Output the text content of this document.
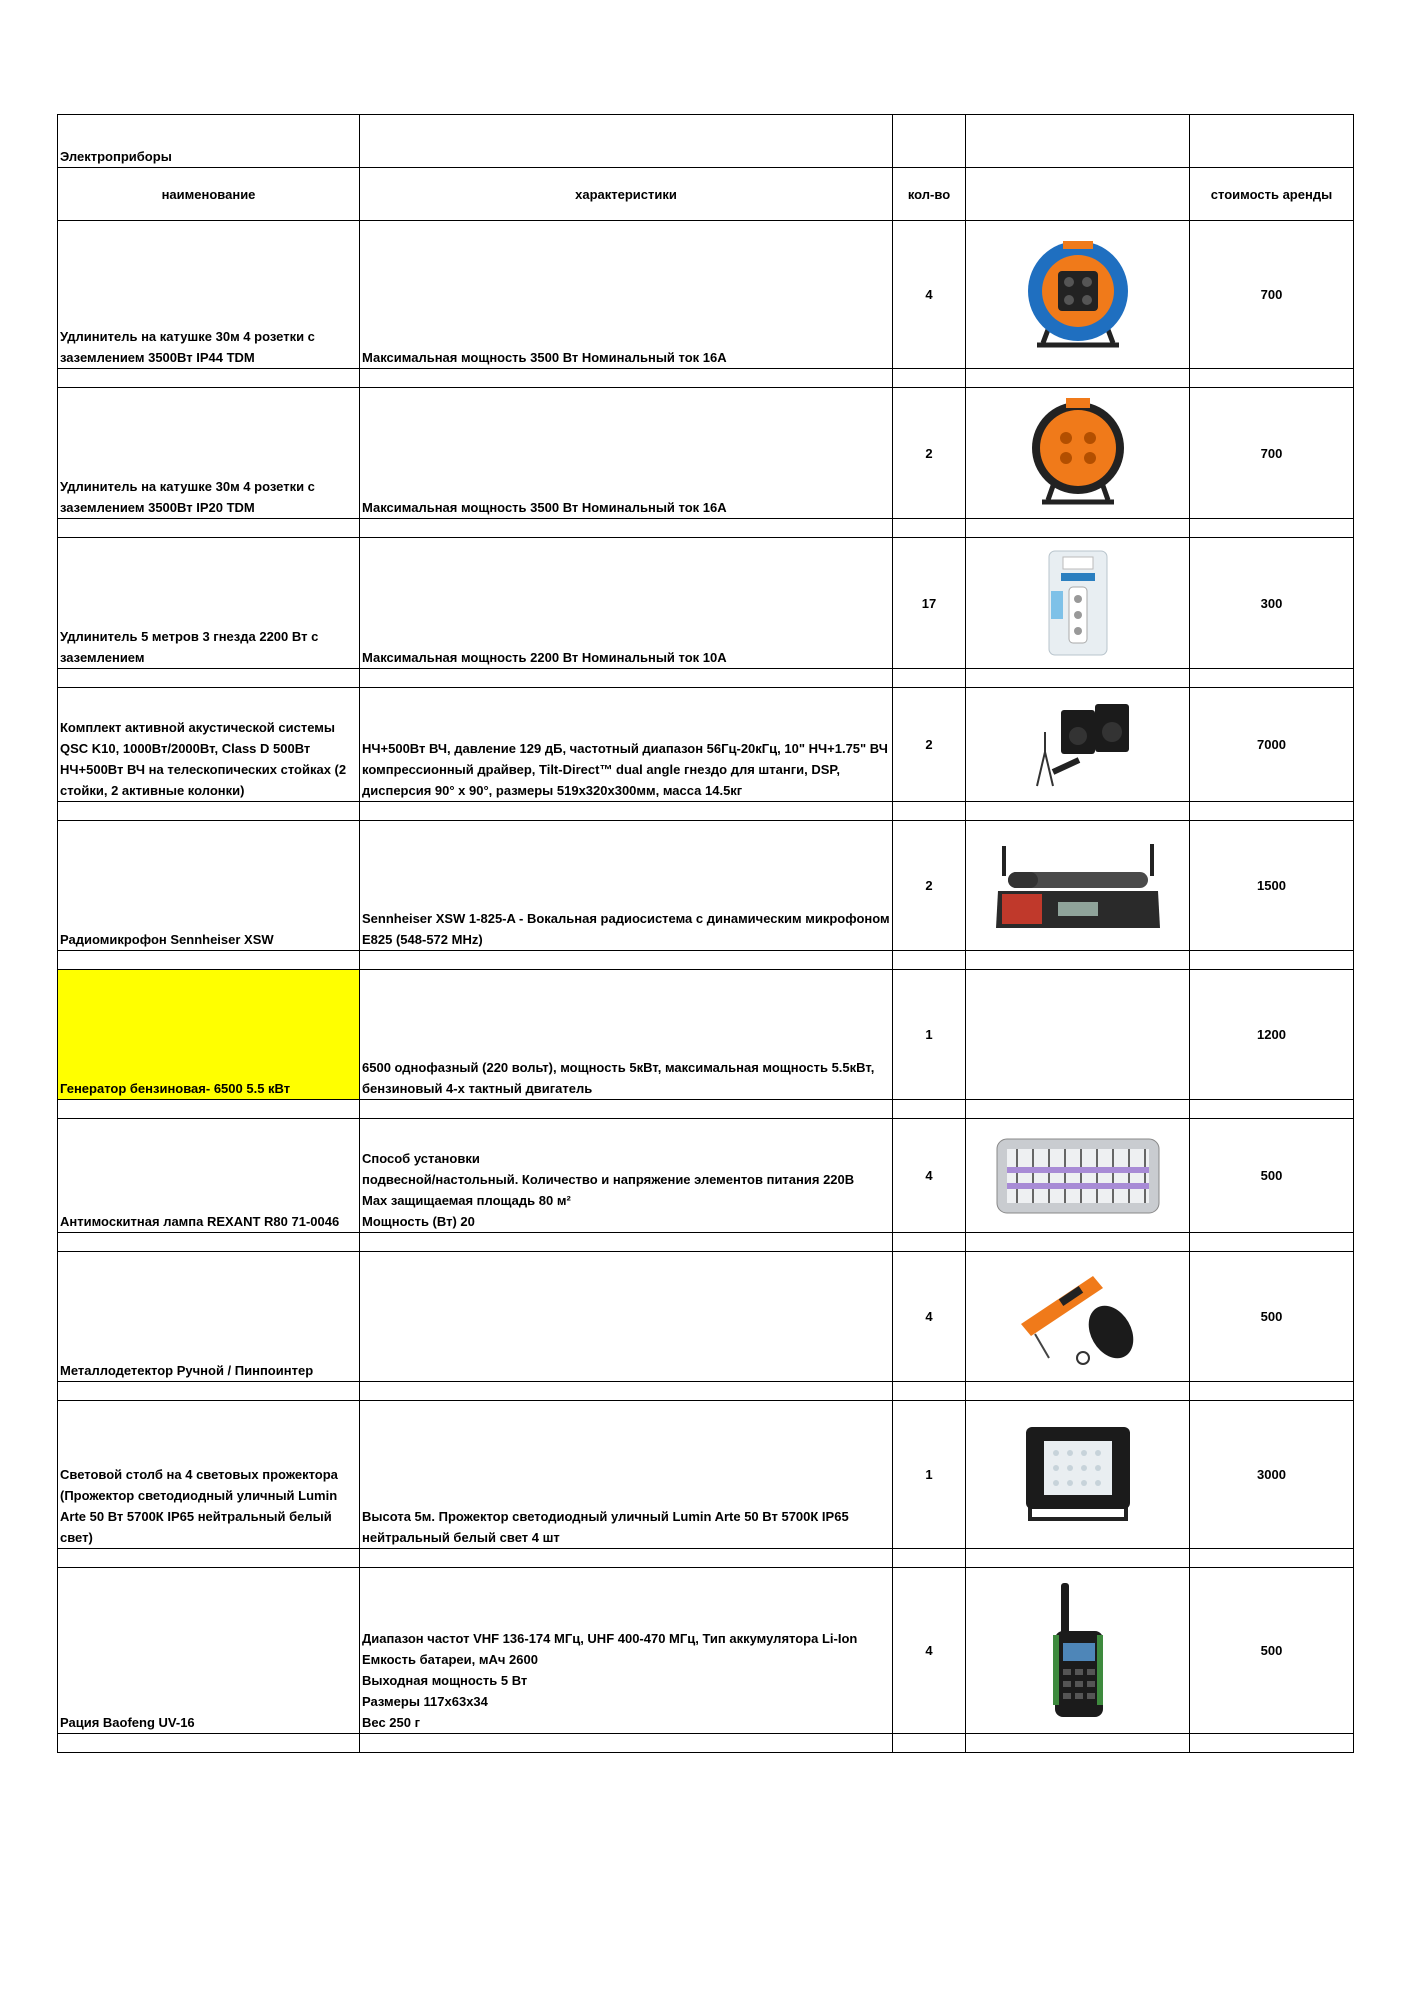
Электроприборы				
наименование	характеристики	кол-во		стоимость аренды
Удлинитель на катушке 30м 4 розетки с заземлением 3500Вт IP44 TDM	Максимальная мощность 3500 Вт Номинальный ток 16А	4		700

Удлинитель на катушке 30м 4 розетки с заземлением 3500Вт IP20 TDM	Максимальная мощность 3500 Вт Номинальный ток 16А	2		700

Удлинитель 5 метров 3 гнезда 2200 Вт с заземлением	Максимальная мощность 2200 Вт Номинальный ток 10А	17		300

Комплект активной акустической системы QSC K10, 1000Вт/2000Вт, Class D 500Вт НЧ+500Вт ВЧ на телескопических стойках (2 стойки, 2 активные колонки)	НЧ+500Вт ВЧ, давление 129 дБ, частотный диапазон 56Гц-20кГц, 10" НЧ+1.75" ВЧ компрессионный драйвер, Tilt-Direct™ dual angle гнездо для штанги, DSP, дисперсия 90° x 90°, размеры 519х320х300мм, масса 14.5кг	2		7000

Радиомикрофон Sennheiser XSW	Sennheiser XSW 1-825-A - Вокальная радиосистема с динамическим микрофоном E825 (548-572 MHz)	2		1500

Генератор бензиновая- 6500 5.5 кВт	6500 однофазный (220 вольт), мощность 5кВт, максимальная мощность 5.5кВт, бензиновый 4-х тактный двигатель	1		1200

Антимоскитная лампа REXANT R80 71-0046	Способ установки
подвесной/настольный. Количество и напряжение элементов питания 220В
Max защищаемая площадь 80 м²
Мощность (Вт) 20	4		500

Металлодетектор Ручной / Пинпоинтер		4		500

Световой столб на 4 световых прожектора (Прожектор светодиодный уличный Lumin Arte 50 Вт 5700К IP65 нейтральный белый свет)	Высота 5м. Прожектор светодиодный уличный Lumin Arte 50 Вт 5700К IP65 нейтральный белый свет 4 шт	1		3000

Рация Baofeng UV-16	Диапазон частот VHF 136-174 МГц, UHF 400-470 МГц, Тип аккумулятора Li-Ion
Емкость батареи, мАч 2600
Выходная мощность 5 Вт
Размеры 117х63х34
Вес 250 г	4		500
